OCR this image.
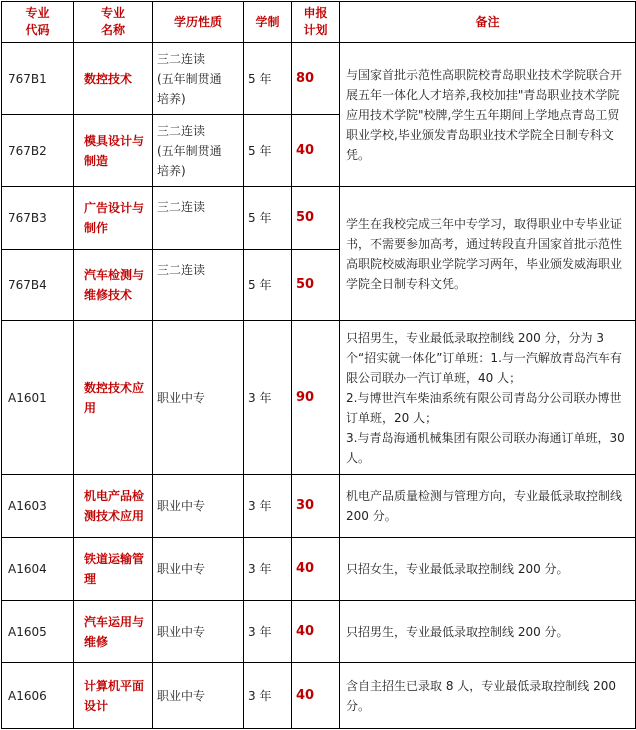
专业
代码	专业
名称	学历性质	学制	申报
计划	备注
767B1	数控技术	三二连读
(五年制贯通
培养)	5 年	80	与国家首批示范性高职院校青岛职业技术学院联合开展五年一体化人才培养,我校加挂"青岛职业技术学院应用技术学院"校牌,学生五年期间上学地点青岛工贸职业学校,毕业颁发青岛职业技术学院全日制专科文凭。
767B2	模具设计与
制造	三二连读
(五年制贯通
培养)	5 年	40	
767B3	广告设计与
制作	三二连读	5 年	50	学生在我校完成三年中专学习，取得职业中专毕业证书，不需要参加高考，通过转段直升国家首批示范性高职院校威海职业学院学习两年，毕业颁发威海职业学院全日制专科文凭。
767B4	汽车检测与
维修技术	三二连读	5 年	50	
A1601	数控技术应
用	职业中专	3 年	90	只招男生，专业最低录取控制线 200 分，分为 3 个“招实就一体化”订单班：1.与一汽解放青岛汽车有限公司联办一汽订单班，40 人；
2.与博世汽车柴油系统有限公司青岛分公司联办博世订单班，20 人；
3.与青岛海通机械集团有限公司联办海通订单班，30 人。
A1603	机电产品检
测技术应用	职业中专	3 年	30	机电产品质量检测与管理方向，专业最低录取控制线 200 分。
A1604	铁道运输管
理	职业中专	3 年	40	只招女生，专业最低录取控制线 200 分。
A1605	汽车运用与
维修	职业中专	3 年	40	只招男生，专业最低录取控制线 200 分。
A1606	计算机平面
设计	职业中专	3 年	40	含自主招生已录取 8 人，专业最低录取控制线 200 分。
